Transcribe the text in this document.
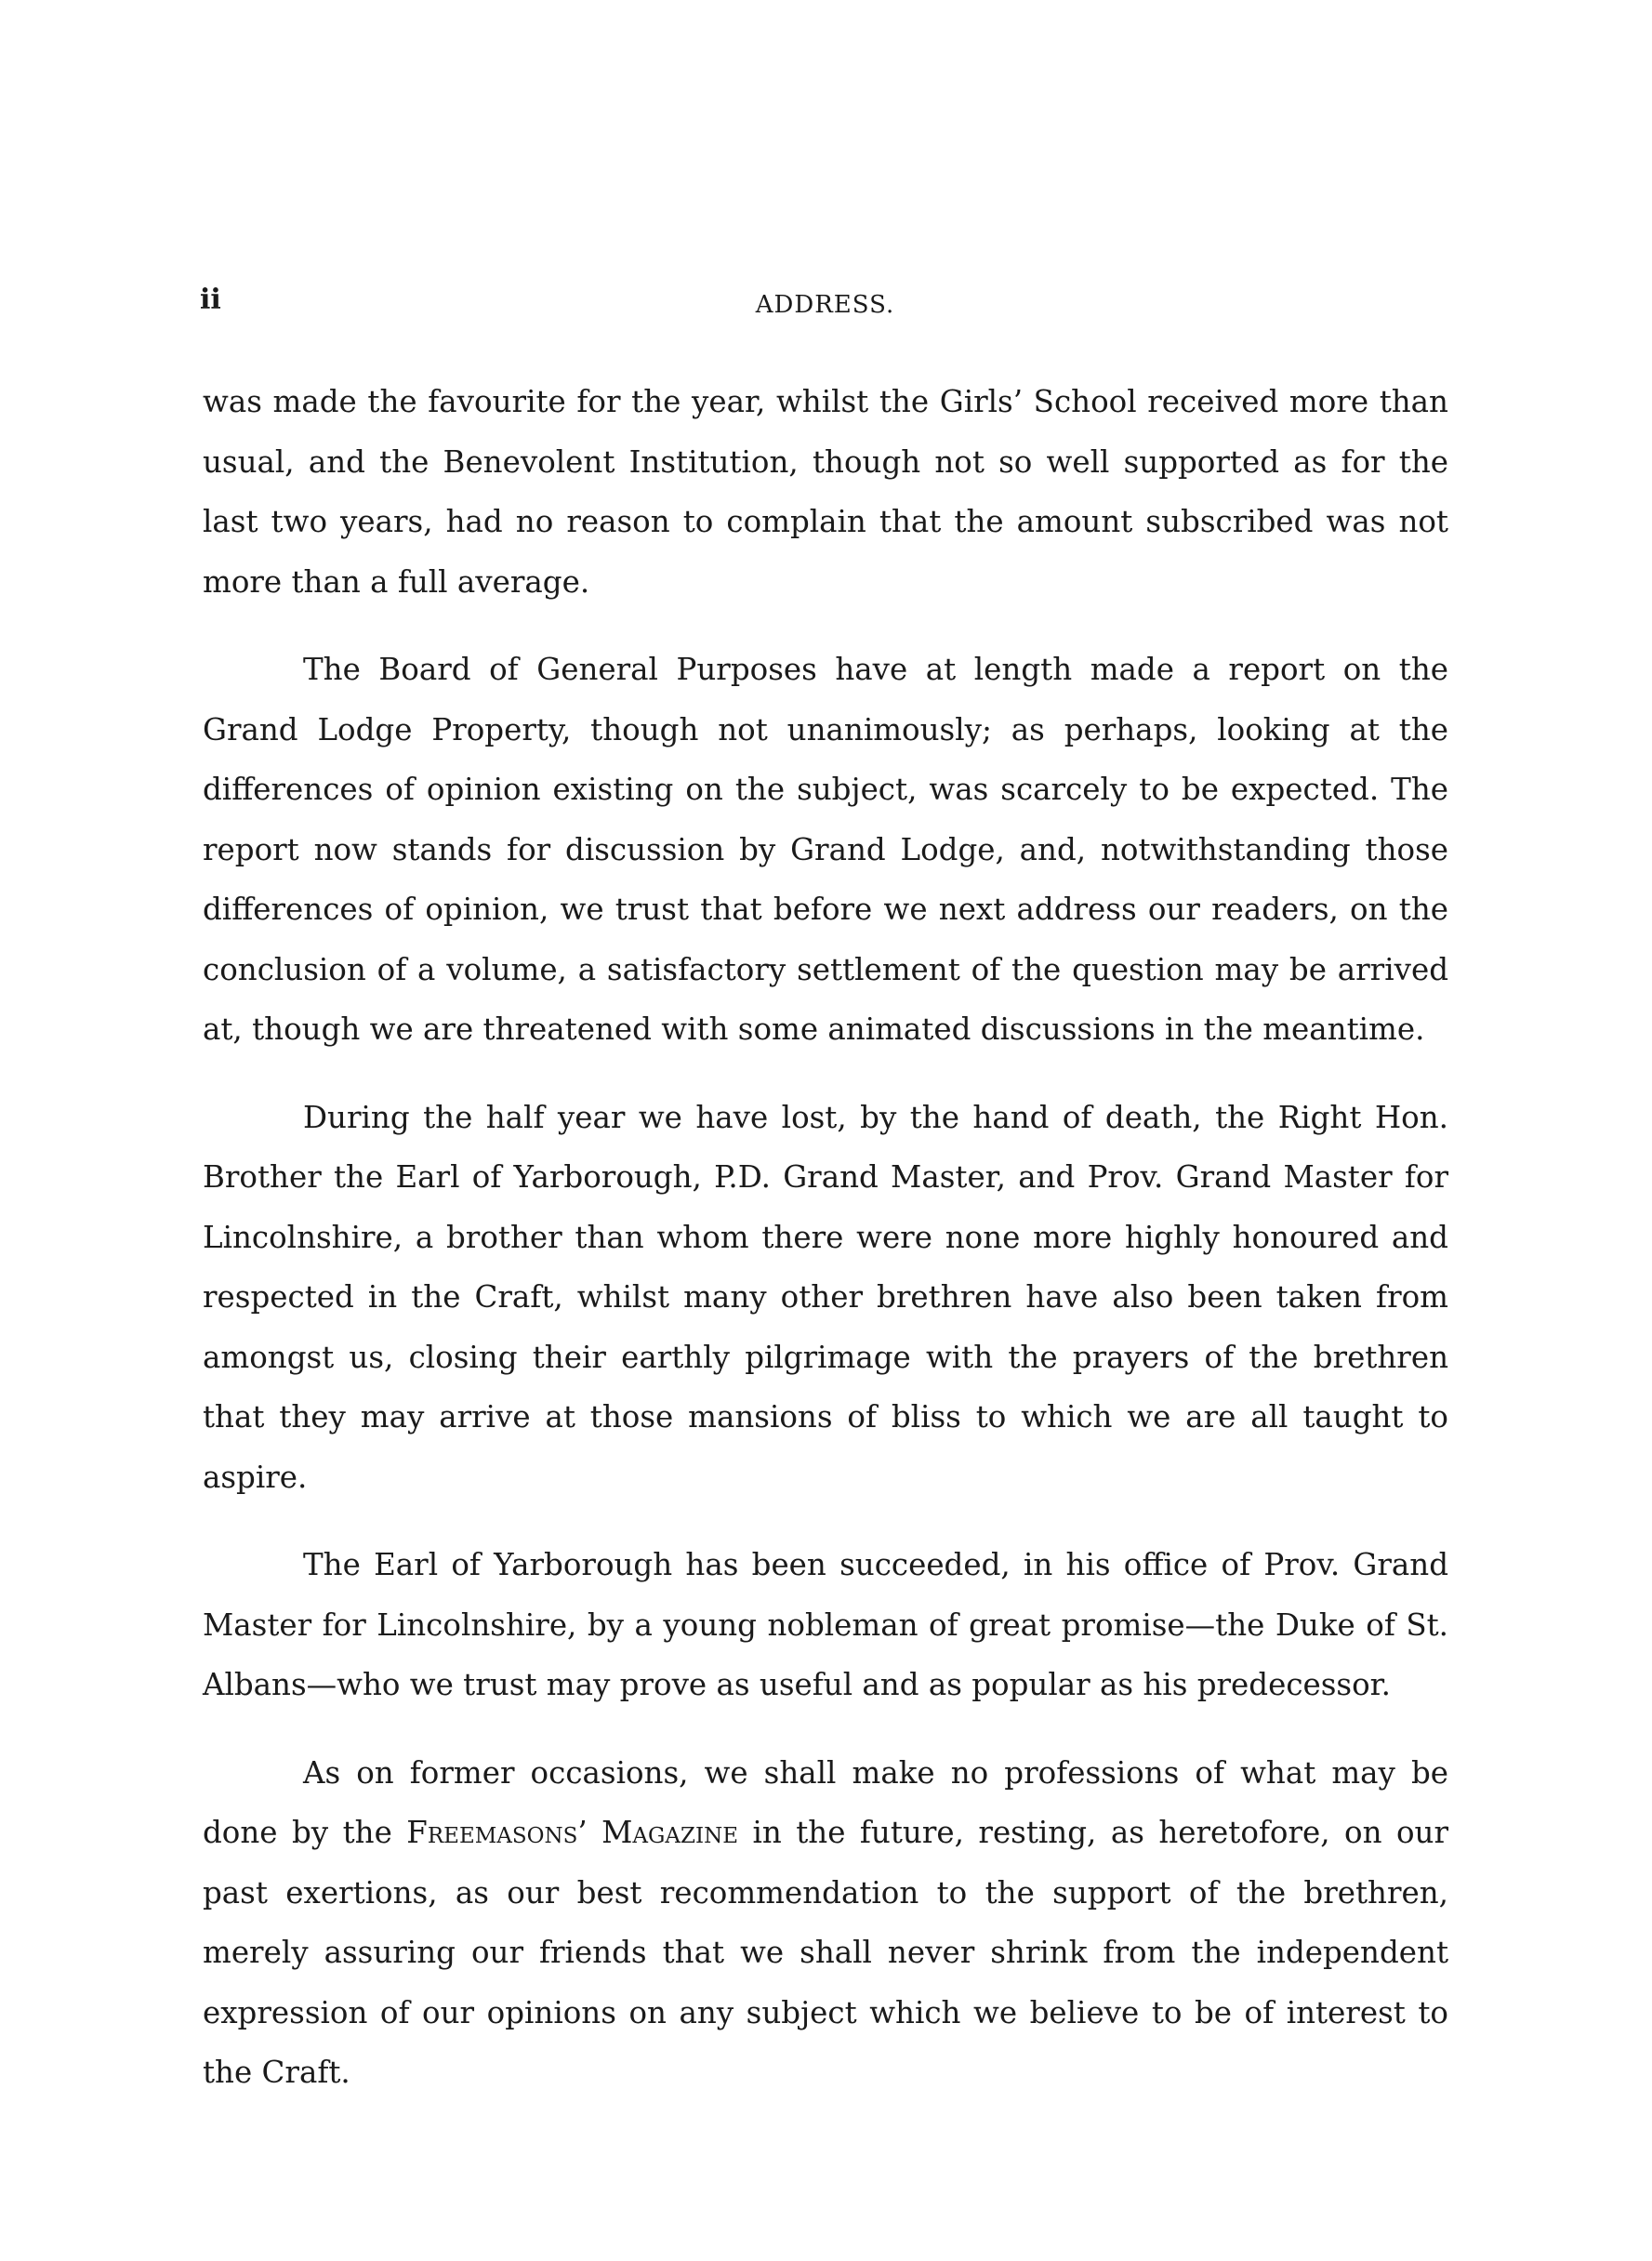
ii	ADDRESS.

was made the favourite for the year, whilst the Girls’ School received more than usual, and the Benevolent Institution, though not so well supported as for the last two years, had no reason to complain that the amount subscribed was not more than a full average.

The Board of General Purposes have at length made a report on the Grand Lodge Property, though not unanimously; as perhaps, looking at the differences of opinion existing on the subject, was scarcely to be expected. The report now stands for discussion by Grand Lodge, and, notwithstanding those differences of opinion, we trust that before we next address our readers, on the conclusion of a volume, a satisfactory settlement of the question may be arrived at, though we are threatened with some animated discussions in the meantime.

During the half year we have lost, by the hand of death, the Right Hon. Brother the Earl of Yarborough, P.D. Grand Master, and Prov. Grand Master for Lincolnshire, a brother than whom there were none more highly honoured and respected in the Craft, whilst many other brethren have also been taken from amongst us, closing their earthly pilgrimage with the prayers of the brethren that they may arrive at those mansions of bliss to which we are all taught to aspire.

The Earl of Yarborough has been succeeded, in his office of Prov. Grand Master for Lincolnshire, by a young nobleman of great promise—the Duke of St. Albans—who we trust may prove as useful and as popular as his predecessor.

As on former occasions, we shall make no professions of what may be done by the Freemasons’ Magazine in the future, resting, as heretofore, on our past exertions, as our best recommendation to the support of the brethren, merely assuring our friends that we shall never shrink from the independent expression of our opinions on any subject which we believe to be of interest to the Craft.
